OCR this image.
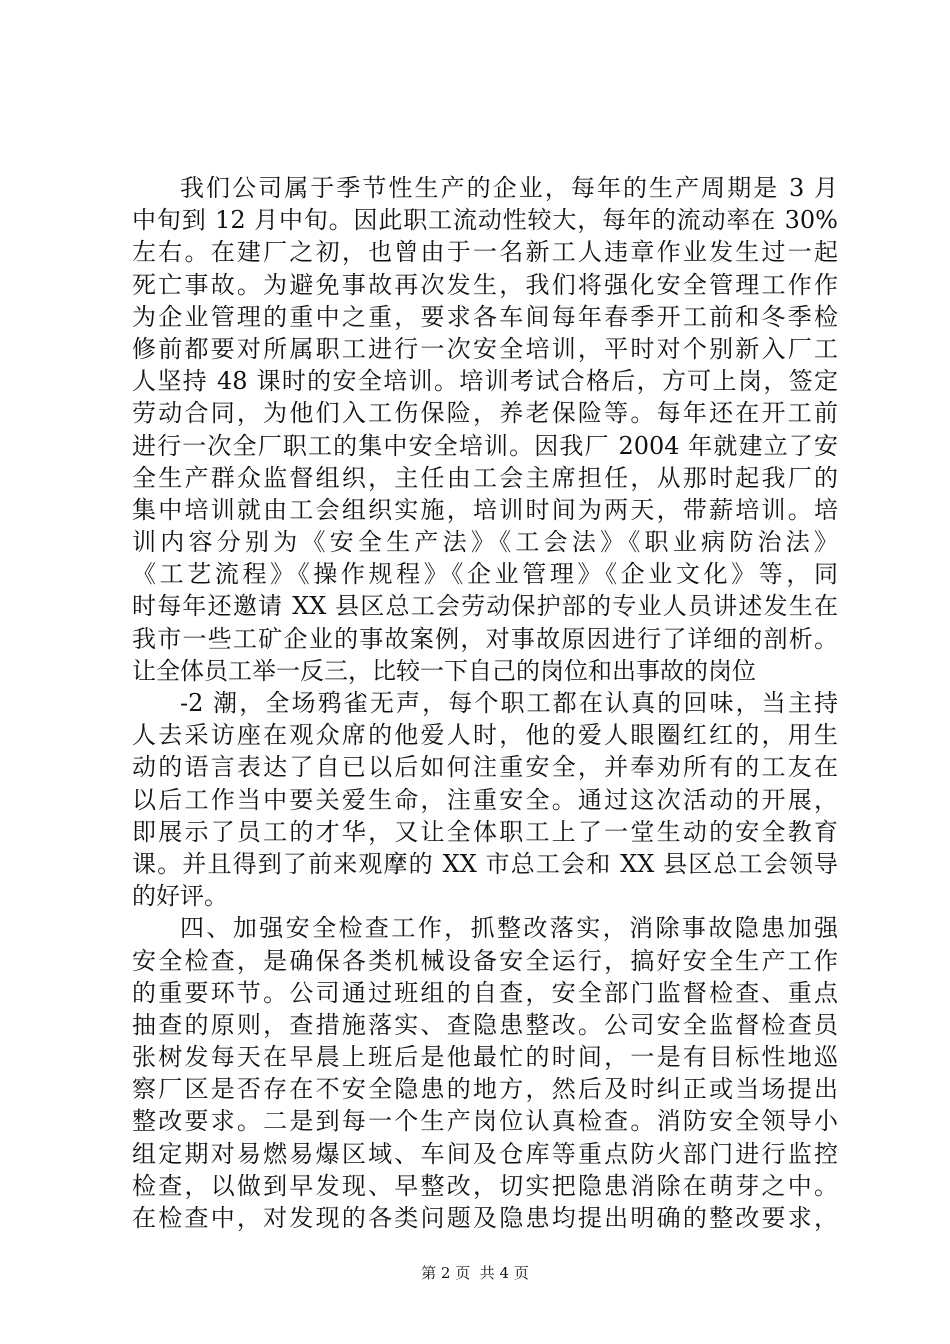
我们公司属于季节性生产的企业，每年的生产周期是 3 月
中旬到 12 月中旬。因此职工流动性较大，每年的流动率在 30%
左右。在建厂之初，也曾由于一名新工人违章作业发生过一起
死亡事故。为避免事故再次发生，我们将强化安全管理工作作
为企业管理的重中之重，要求各车间每年春季开工前和冬季检
修前都要对所属职工进行一次安全培训，平时对个别新入厂工
人坚持 48 课时的安全培训。培训考试合格后，方可上岗，签定
劳动合同，为他们入工伤保险，养老保险等。每年还在开工前
进行一次全厂职工的集中安全培训。因我厂 2004 年就建立了安
全生产群众监督组织，主任由工会主席担任，从那时起我厂的
集中培训就由工会组织实施，培训时间为两天，带薪培训。培
训内容分别为《安全生产法》《工会法》《职业病防治法》
《工艺流程》《操作规程》《企业管理》《企业文化》等，同
时每年还邀请 XX 县区总工会劳动保护部的专业人员讲述发生在
我市一些工矿企业的事故案例，对事故原因进行了详细的剖析。
让全体员工举一反三，比较一下自己的岗位和出事故的岗位
-2 潮，全场鸦雀无声，每个职工都在认真的回味，当主持
人去采访座在观众席的他爱人时，他的爱人眼圈红红的，用生
动的语言表达了自已以后如何注重安全，并奉劝所有的工友在
以后工作当中要关爱生命，注重安全。通过这次活动的开展，
即展示了员工的才华，又让全体职工上了一堂生动的安全教育
课。并且得到了前来观摩的 XX 市总工会和 XX 县区总工会领导
的好评。
四、加强安全检查工作，抓整改落实，消除事故隐患加强
安全检查，是确保各类机械设备安全运行，搞好安全生产工作
的重要环节。公司通过班组的自查，安全部门监督检查、重点
抽查的原则，查措施落实、查隐患整改。公司安全监督检查员
张树发每天在早晨上班后是他最忙的时间，一是有目标性地巡
察厂区是否存在不安全隐患的地方，然后及时纠正或当场提出
整改要求。二是到每一个生产岗位认真检查。消防安全领导小
组定期对易燃易爆区域、车间及仓库等重点防火部门进行监控
检查，以做到早发现、早整改，切实把隐患消除在萌芽之中。
在检查中，对发现的各类问题及隐患均提出明确的整改要求，
第 2 页  共 4 页
